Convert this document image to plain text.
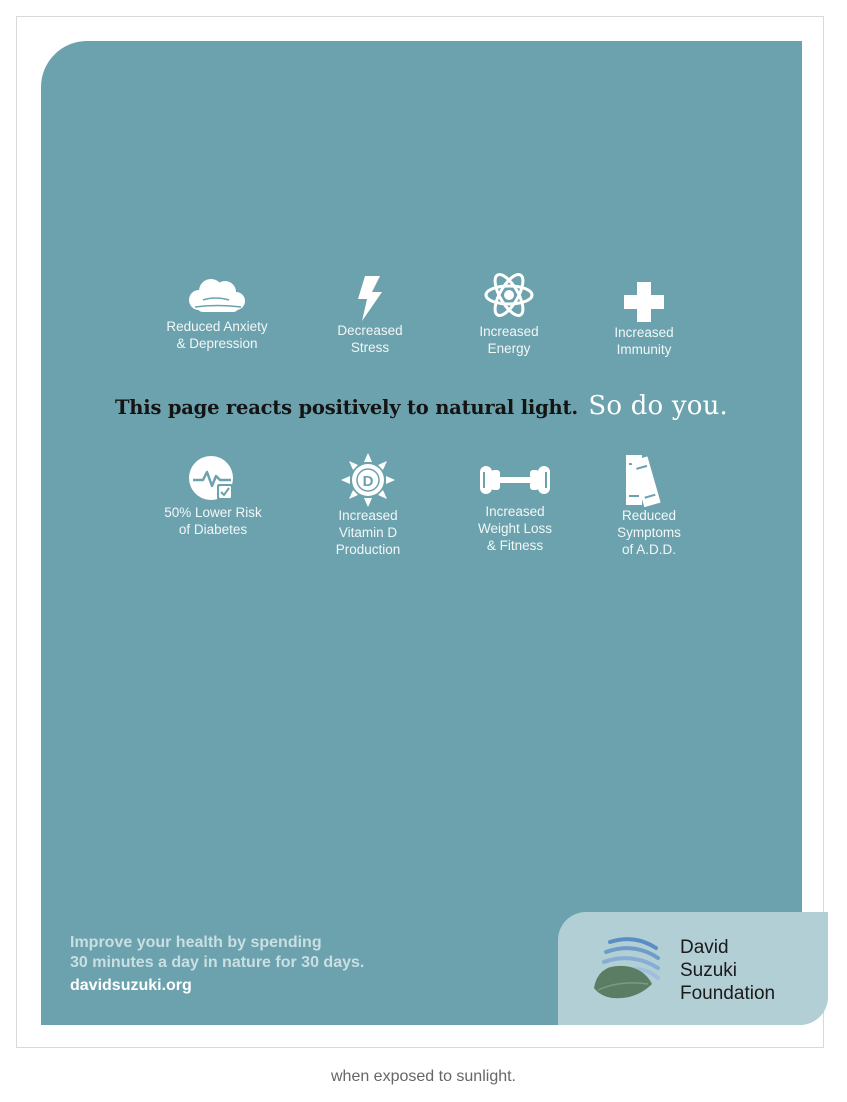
Reduced Anxiety
& Depression
Decreased
Stress
Increased
Energy
Increased
Immunity
This page reacts positively to natural light. So do you.
50% Lower Risk
of Diabetes
D
Increased
Vitamin D
Production
Increased
Weight Loss
& Fitness
Reduced
Symptoms
of A.D.D.
Improve your health by spending
30 minutes a day in nature for 30 days.
davidsuzuki.org
David
Suzuki
Foundation
when exposed to sunlight.
